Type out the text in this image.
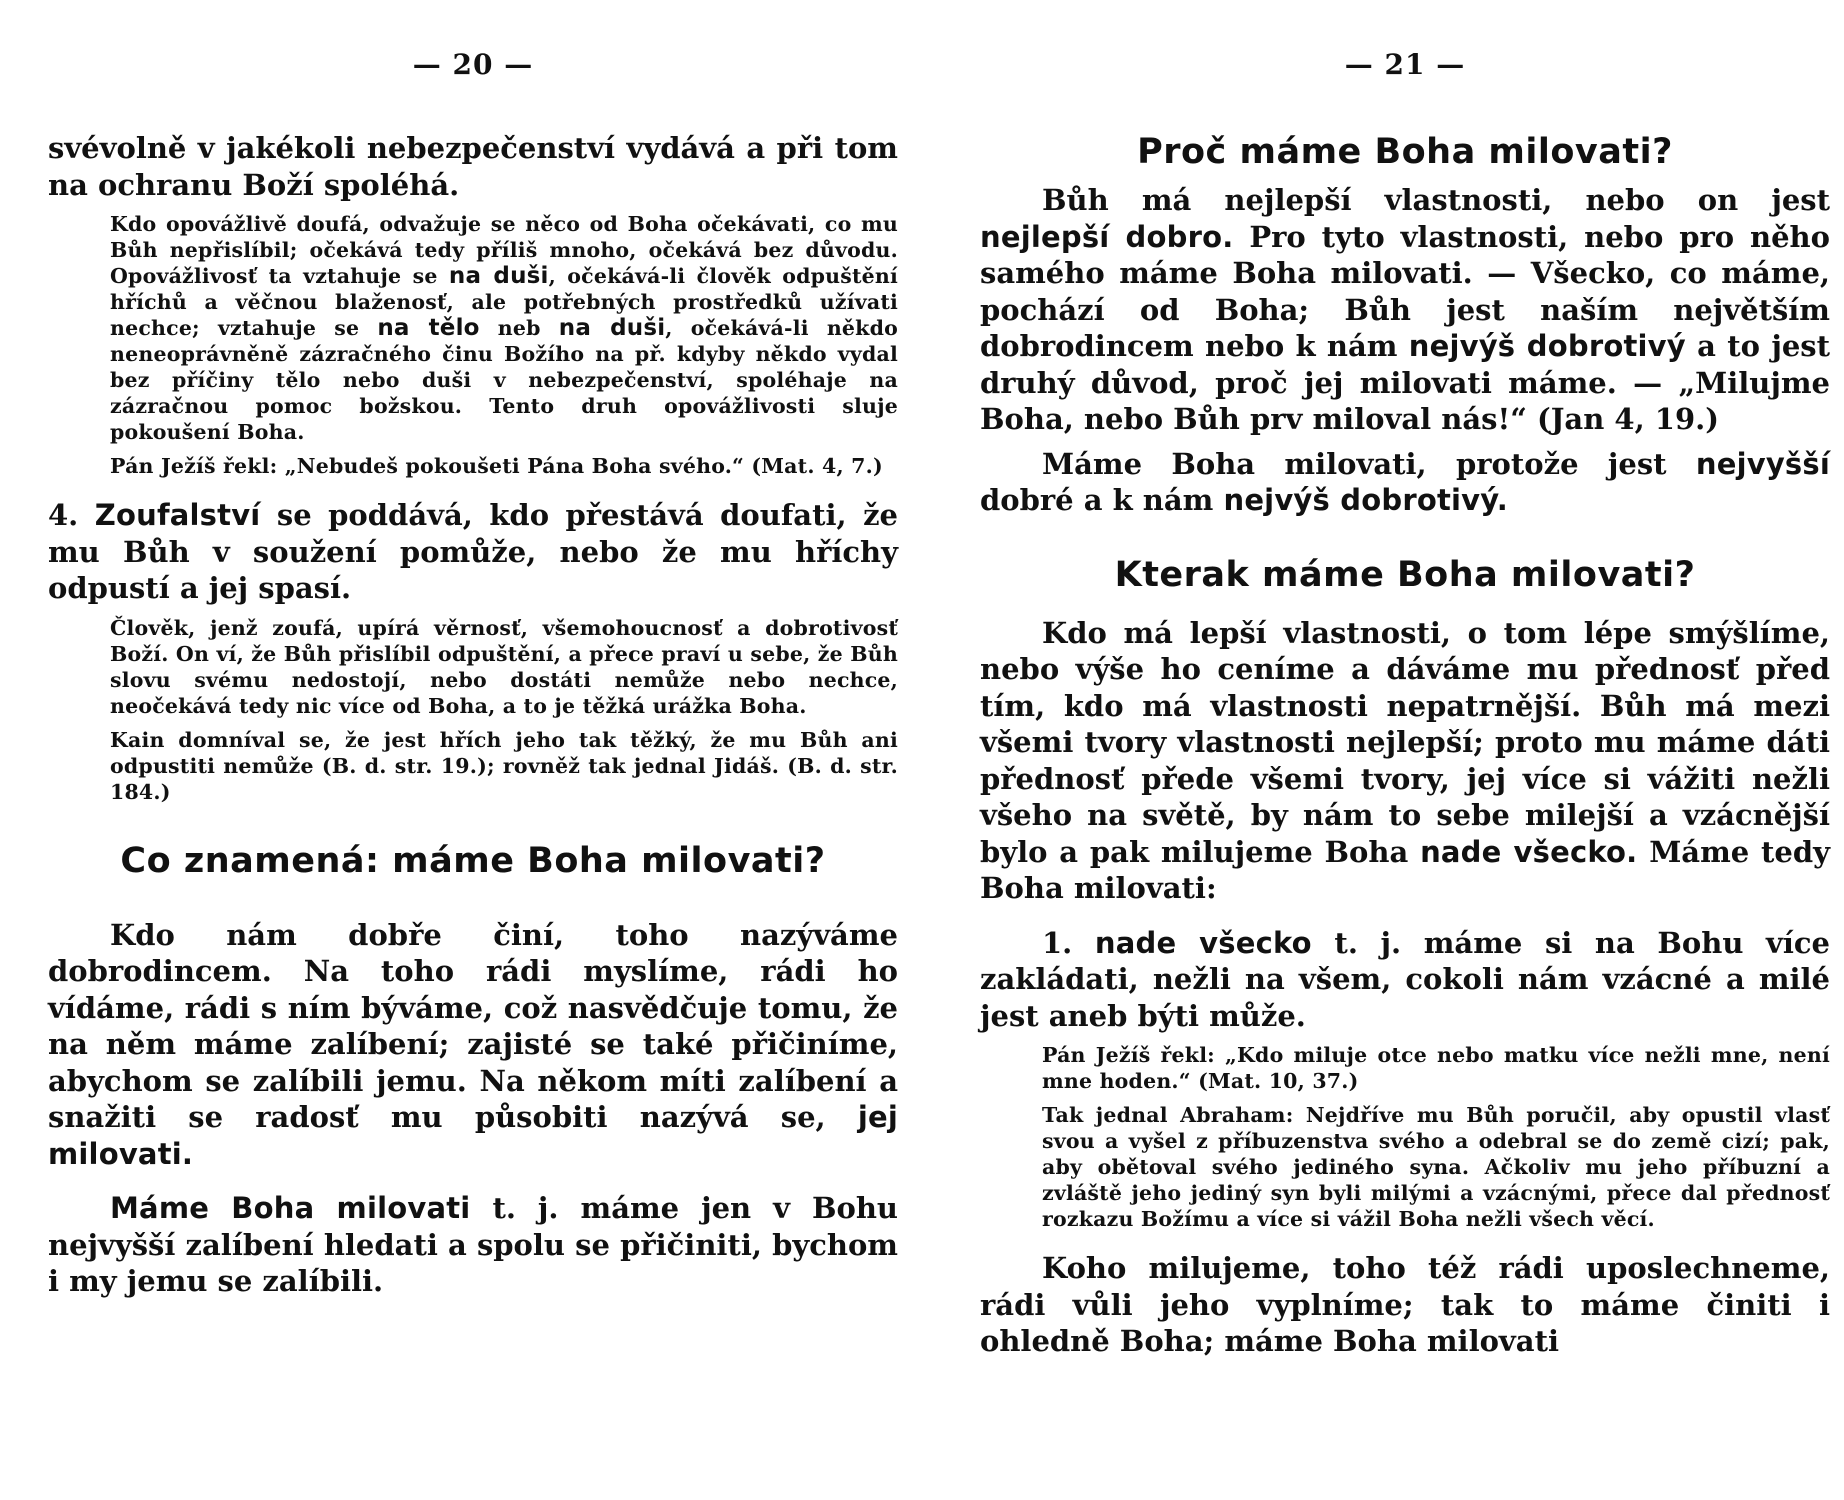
— 20 —

svévolně v jakékoli nebezpečenství vydává a při tom na ochranu Boží spoléhá.

Kdo opovážlivě doufá, odvažuje se něco od Boha očekávati, co mu Bůh nepřislíbil; očekává tedy příliš mnoho, očekává bez důvodu. Opovážlivosť ta vztahuje se na duši, očekává-li člověk odpuštění hříchů a věčnou blaženosť, ale potřebných prostředků užívati nechce; vztahuje se na tělo neb na duši, očekává-li někdo neneoprávněně zázračného činu Božího na př. kdyby někdo vydal bez příčiny tělo nebo duši v nebezpečenství, spoléhaje na zázračnou pomoc božskou. Tento druh opovážlivosti sluje pokoušení Boha.

Pán Ježíš řekl: „Nebudeš pokoušeti Pána Boha svého.“ (Mat. 4, 7.)

4. Zoufalství se poddává, kdo přestává doufati, že mu Bůh v soužení pomůže, nebo že mu hříchy odpustí a jej spasí.

Člověk, jenž zoufá, upírá věrnosť, všemohoucnosť a dobrotivosť Boží. On ví, že Bůh přislíbil odpuštění, a přece praví u sebe, že Bůh slovu svému nedostojí, nebo dostáti nemůže nebo nechce, neočekává tedy nic více od Boha, a to je těžká urážka Boha.

Kain domníval se, že jest hřích jeho tak těžký, že mu Bůh ani odpustiti nemůže (B. d. str. 19.); rovněž tak jednal Jidáš. (B. d. str. 184.)

Co znamená: máme Boha milovati?

Kdo nám dobře činí, toho nazýváme dobrodincem. Na toho rádi myslíme, rádi ho vídáme, rádi s ním býváme, což nasvědčuje tomu, že na něm máme zalíbení; zajisté se také přičiníme, abychom se zalíbili jemu. Na někom míti zalíbení a snažiti se radosť mu působiti nazývá se, jej milovati.

Máme Boha milovati t. j. máme jen v Bohu nejvyšší zalíbení hledati a spolu se přičiniti, bychom i my jemu se zalíbili.

— 21 —
Proč máme Boha milovati?

Bůh má nejlepší vlastnosti, nebo on jest nejlepší dobro. Pro tyto vlastnosti, nebo pro něho samého máme Boha milovati. — Všecko, co máme, pochází od Boha; Bůh jest naším největším dobrodincem nebo k nám nejvýš dobrotivý a to jest druhý důvod, proč jej milovati máme. — „Milujme Boha, nebo Bůh prv miloval nás!“ (Jan 4, 19.)

Máme Boha milovati, protože jest nejvyšší dobré a k nám nejvýš dobrotivý.

Kterak máme Boha milovati?

Kdo má lepší vlastnosti, o tom lépe smýšlíme, nebo výše ho ceníme a dáváme mu přednosť před tím, kdo má vlastnosti nepatrnější. Bůh má mezi všemi tvory vlastnosti nejlepší; proto mu máme dáti přednosť přede všemi tvory, jej více si vážiti nežli všeho na světě, by nám to sebe milejší a vzácnější bylo a pak milujeme Boha nade všecko. Máme tedy Boha milovati:

1. nade všecko t. j. máme si na Bohu více zakládati, nežli na všem, cokoli nám vzácné a milé jest aneb býti může.

Pán Ježíš řekl: „Kdo miluje otce nebo matku více nežli mne, není mne hoden.“ (Mat. 10, 37.)

Tak jednal Abraham: Nejdříve mu Bůh poručil, aby opustil vlasť svou a vyšel z příbuzenstva svého a odebral se do země cizí; pak, aby obětoval svého jediného syna. Ačkoliv mu jeho příbuzní a zvláště jeho jediný syn byli milými a vzácnými, přece dal přednosť rozkazu Božímu a více si vážil Boha nežli všech věcí.

Koho milujeme, toho též rádi uposlechneme, rádi vůli jeho vyplníme; tak to máme činiti i ohledně Boha; máme Boha milovati
